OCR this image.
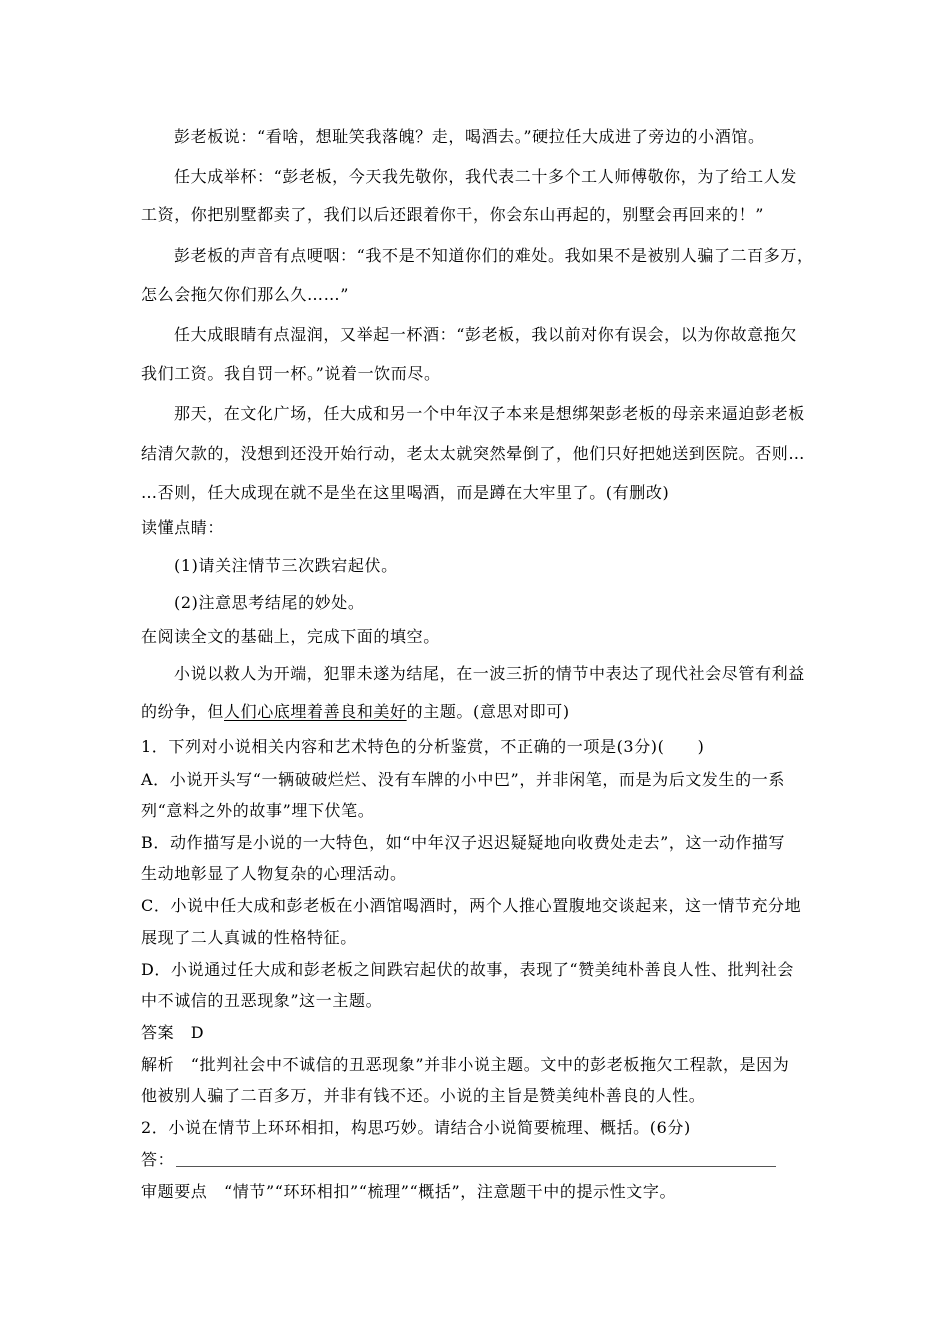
彭老板说：“看啥，想耻笑我落魄？走，喝酒去。”硬拉任大成进了旁边的小酒馆。
任大成举杯：“彭老板，今天我先敬你，我代表二十多个工人师傅敬你，为了给工人发
工资，你把别墅都卖了，我们以后还跟着你干，你会东山再起的，别墅会再回来的！”
彭老板的声音有点哽咽：“我不是不知道你们的难处。我如果不是被别人骗了二百多万，
怎么会拖欠你们那么久……”
任大成眼睛有点湿润，又举起一杯酒：“彭老板，我以前对你有误会，以为你故意拖欠
我们工资。我自罚一杯。”说着一饮而尽。
那天，在文化广场，任大成和另一个中年汉子本来是想绑架彭老板的母亲来逼迫彭老板
结清欠款的，没想到还没开始行动，老太太就突然晕倒了，他们只好把她送到医院。否则…
…否则，任大成现在就不是坐在这里喝酒，而是蹲在大牢里了。(有删改)
读懂点睛：
(1)请关注情节三次跌宕起伏。
(2)注意思考结尾的妙处。
在阅读全文的基础上，完成下面的填空。
小说以救人为开端，犯罪未遂为结尾，在一波三折的情节中表达了现代社会尽管有利益
的纷争，但人们心底埋着善良和美好的主题。(意思对即可)
1．下列对小说相关内容和艺术特色的分析鉴赏，不正确的一项是(3分)(　　)
A．小说开头写“一辆破破烂烂、没有车牌的小中巴”，并非闲笔，而是为后文发生的一系
列“意料之外的故事”埋下伏笔。
B．动作描写是小说的一大特色，如“中年汉子迟迟疑疑地向收费处走去”，这一动作描写
生动地彰显了人物复杂的心理活动。
C．小说中任大成和彭老板在小酒馆喝酒时，两个人推心置腹地交谈起来，这一情节充分地
展现了二人真诚的性格特征。
D．小说通过任大成和彭老板之间跌宕起伏的故事，表现了“赞美纯朴善良人性、批判社会
中不诚信的丑恶现象”这一主题。
答案　D
解析　“批判社会中不诚信的丑恶现象”并非小说主题。文中的彭老板拖欠工程款，是因为
他被别人骗了二百多万，并非有钱不还。小说的主旨是赞美纯朴善良的人性。
2．小说在情节上环环相扣，构思巧妙。请结合小说简要梳理、概括。(6分)
答：
审题要点　“情节”“环环相扣”“梳理”“概括”，注意题干中的提示性文字。
